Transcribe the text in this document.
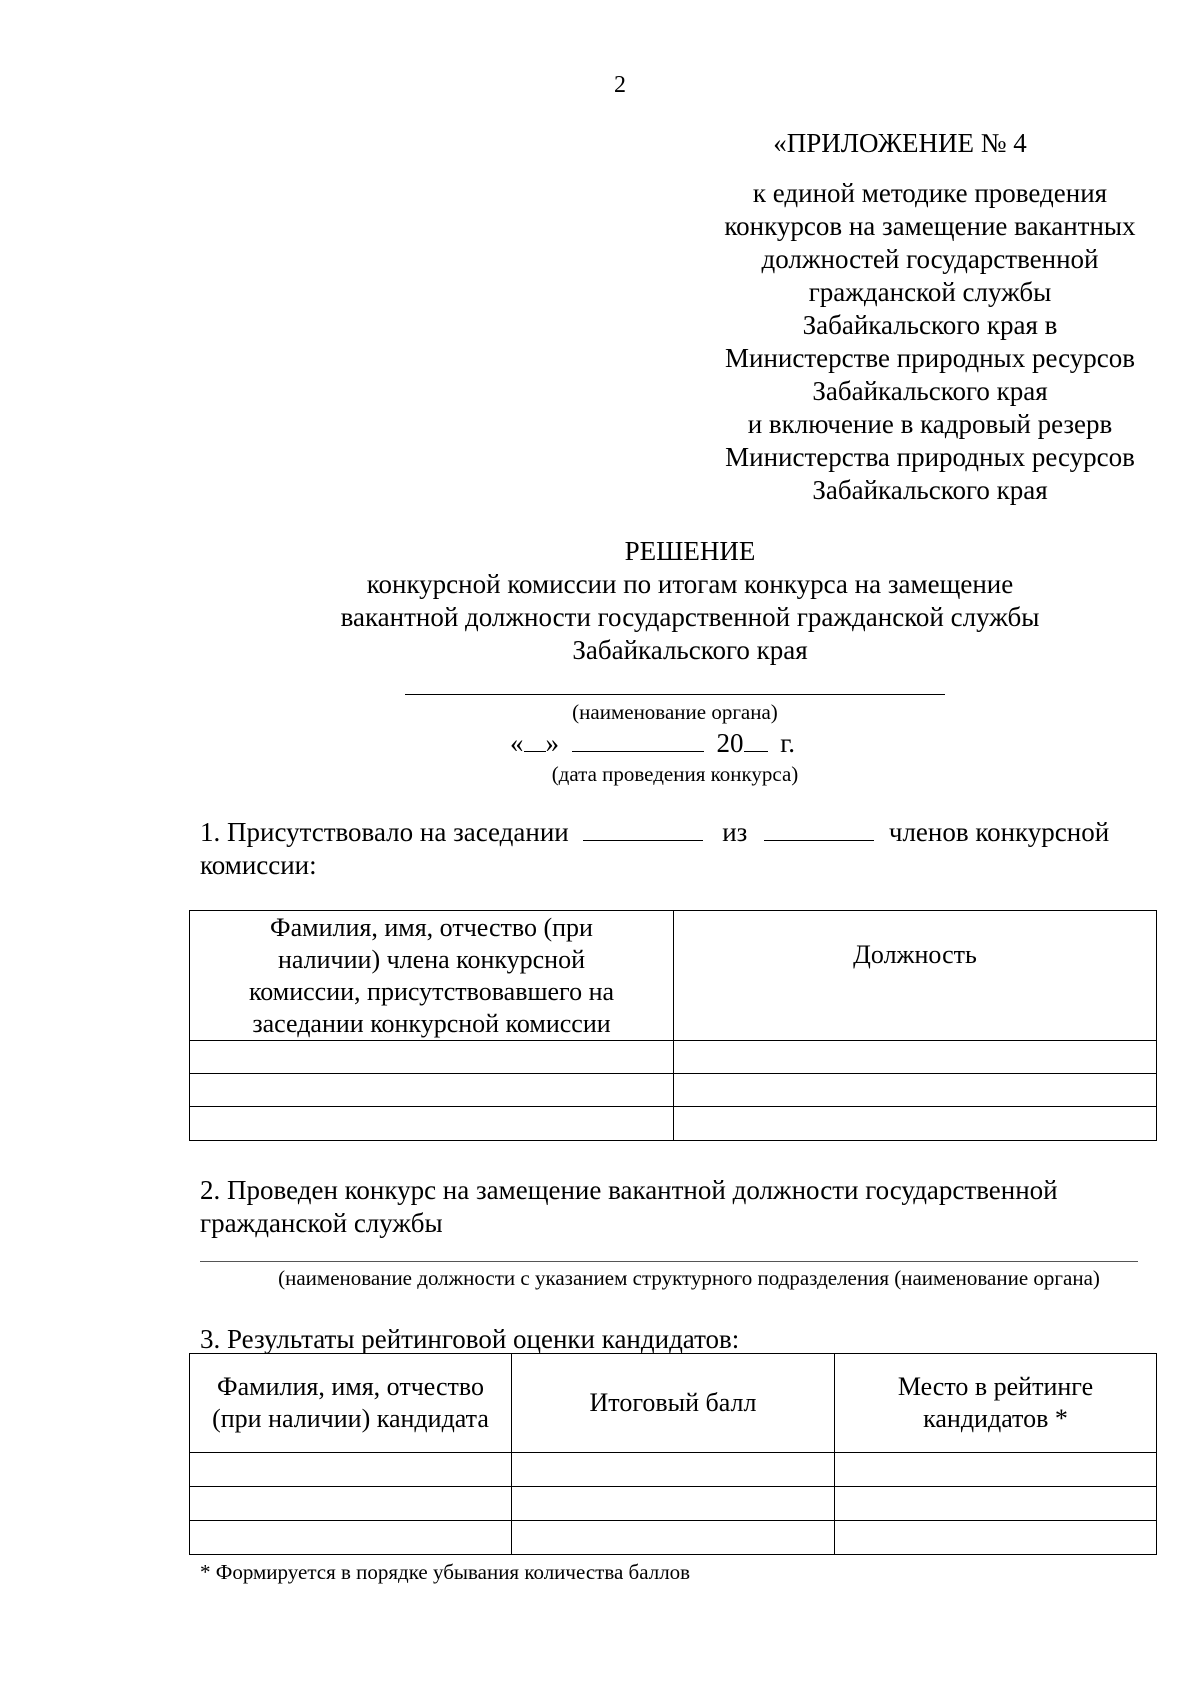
2
«ПРИЛОЖЕНИЕ № 4
к единой методике проведения
конкурсов на замещение вакантных
должностей государственной
гражданской службы
Забайкальского края в
Министерстве природных ресурсов
Забайкальского края
и включение в кадровый резерв
Министерства природных ресурсов
Забайкальского края
РЕШЕНИЕ
конкурсной комиссии по итогам конкурса на замещение
вакантной должности государственной гражданской службы
Забайкальского края
(наименование органа)
« »	20 г.
(дата проведения конкурса)
1. Присутствовало на заседании	из	членов конкурсной
комиссии:
Фамилия, имя, отчество (при наличии) члена конкурсной комиссии, присутствовавшего на заседании конкурсной комиссии	Должность

2. Проведен конкурс на замещение вакантной должности государственной
гражданской службы
(наименование должности с указанием структурного подразделения (наименование органа)
3. Результаты рейтинговой оценки кандидатов:
Фамилия, имя, отчество (при наличии) кандидата	Итоговый балл	Место в рейтинге кандидатов *

* Формируется в порядке убывания количества баллов
